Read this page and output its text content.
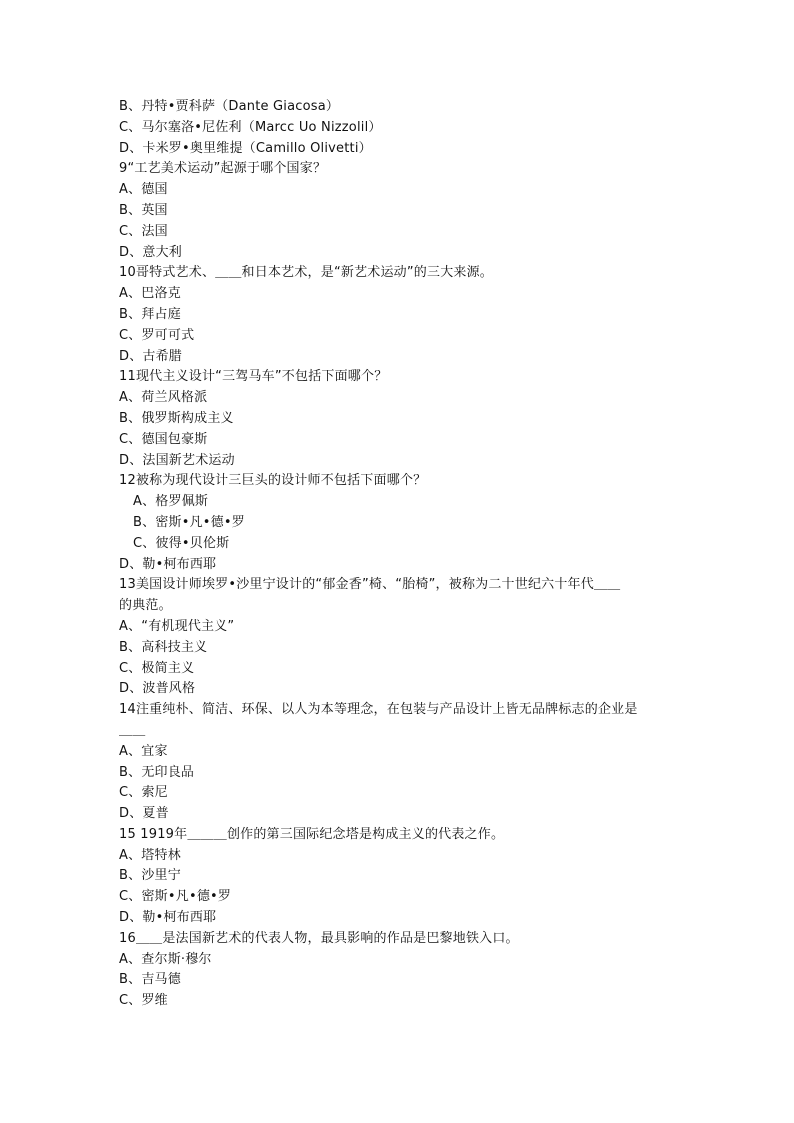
B、丹特•贾科萨（Dante Giacosa）
C、马尔塞洛•尼佐利（Marcc Uo Nizzolil）
D、卡米罗•奥里维提（Camillo Olivetti）
9“工艺美术运动”起源于哪个国家？
A、德国
B、英国
C、法国
D、意大利
10哥特式艺术、＿＿和日本艺术，是“新艺术运动”的三大来源。
A、巴洛克
B、拜占庭
C、罗可可式
D、古希腊
11现代主义设计“三驾马车”不包括下面哪个？
A、荷兰风格派
B、俄罗斯构成主义
C、德国包豪斯
D、法国新艺术运动
12被称为现代设计三巨头的设计师不包括下面哪个？
A、格罗佩斯
B、密斯•凡•德•罗
C、彼得•贝伦斯
D、勒•柯布西耶
13美国设计师埃罗•沙里宁设计的“郁金香”椅、“胎椅”，被称为二十世纪六十年代＿＿
的典范。
A、“有机现代主义”
B、高科技主义
C、极简主义
D、波普风格
14注重纯朴、简洁、环保、以人为本等理念，在包装与产品设计上皆无品牌标志的企业是
＿＿
A、宜家
B、无印良品
C、索尼
D、夏普
15 1919年＿＿＿创作的第三国际纪念塔是构成主义的代表之作。
A、塔特林
B、沙里宁
C、密斯•凡•德•罗
D、勒•柯布西耶
16＿＿是法国新艺术的代表人物，最具影响的作品是巴黎地铁入口。
A、查尔斯·穆尔
B、吉马德
C、罗维
